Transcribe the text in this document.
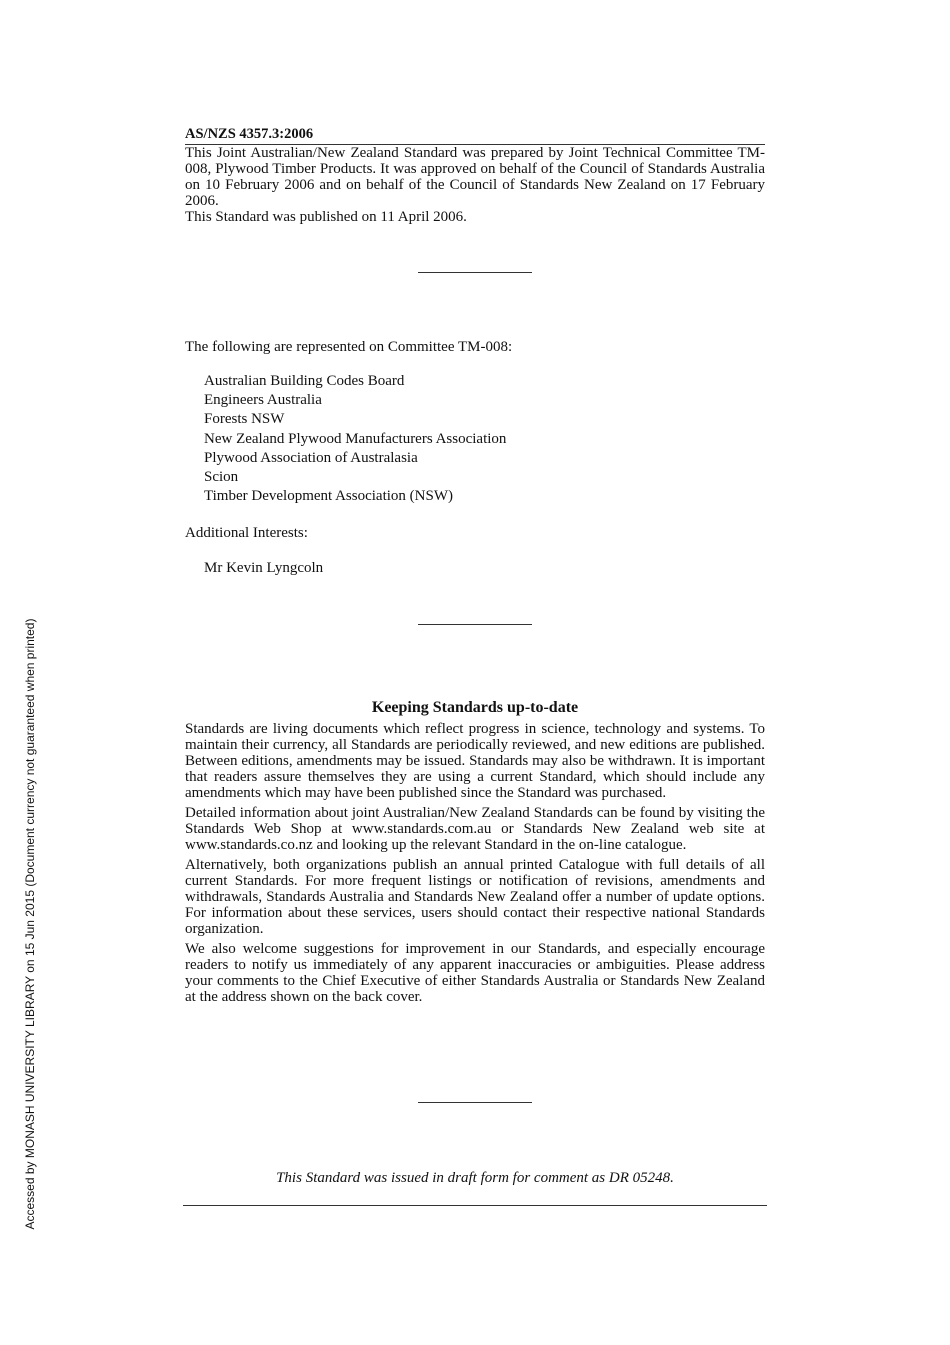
Accessed by MONASH UNIVERSITY LIBRARY on 15 Jun 2015 (Document currency not guaranteed when printed)
AS/NZS 4357.3:2006

This Joint Australian/New Zealand Standard was prepared by Joint Technical Committee TM-008, Plywood Timber Products. It was approved on behalf of the Council of Standards Australia on 10 February 2006 and on behalf of the Council of Standards New Zealand on 17 February 2006.

This Standard was published on 11 April 2006.

The following are represented on Committee TM-008:
Australian Building Codes Board
Engineers Australia
Forests NSW
New Zealand Plywood Manufacturers Association
Plywood Association of Australasia
Scion
Timber Development Association (NSW)
Additional Interests:
Mr Kevin Lyngcoln
Keeping Standards up-to-date

Standards are living documents which reflect progress in science, technology and systems. To maintain their currency, all Standards are periodically reviewed, and new editions are published. Between editions, amendments may be issued. Standards may also be withdrawn. It is important that readers assure themselves they are using a current Standard, which should include any amendments which may have been published since the Standard was purchased.

Detailed information about joint Australian/New Zealand Standards can be found by visiting the Standards Web Shop at www.standards.com.au or Standards New Zealand web site at www.standards.co.nz and looking up the relevant Standard in the on-line catalogue.

Alternatively, both organizations publish an annual printed Catalogue with full details of all current Standards. For more frequent listings or notification of revisions, amendments and withdrawals, Standards Australia and Standards New Zealand offer a number of update options. For information about these services, users should contact their respective national Standards organization.

We also welcome suggestions for improvement in our Standards, and especially encourage readers to notify us immediately of any apparent inaccuracies or ambiguities. Please address your comments to the Chief Executive of either Standards Australia or Standards New Zealand at the address shown on the back cover.

This Standard was issued in draft form for comment as DR 05248.
